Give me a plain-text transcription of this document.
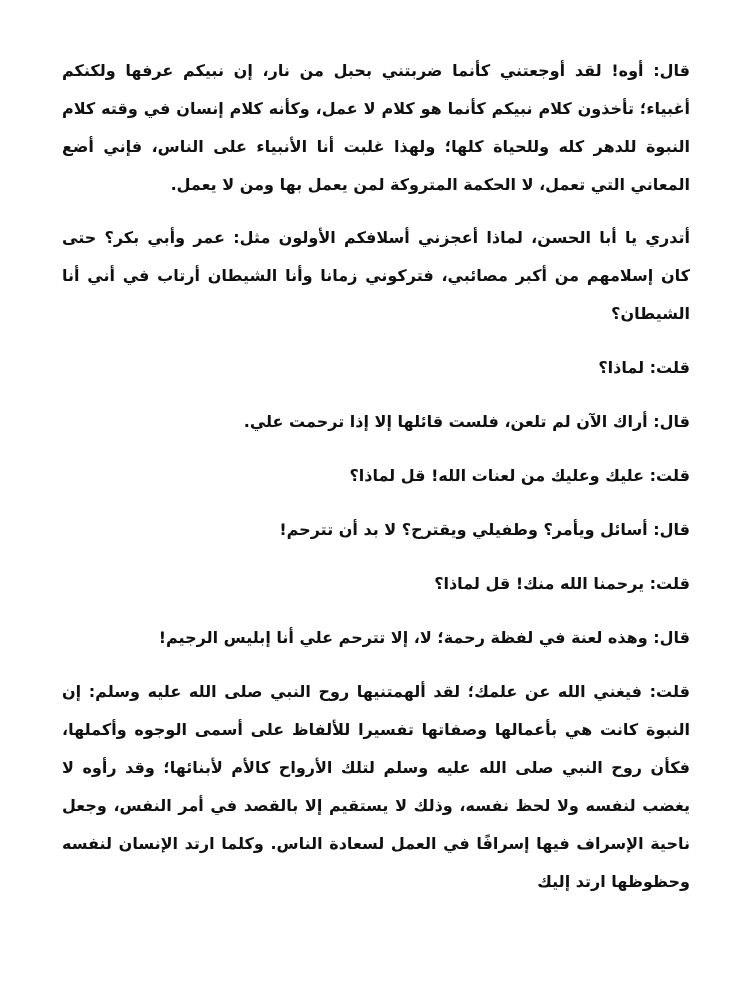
قال: أوه! لقد أوجعتني كأنما ضربتني بحبل من نار، إن نبيكم عرفها ولكنكم أغبياء؛ تأخذون كلام نبيكم كأنما هو كلام لا عمل، وكأنه كلام إنسان في وقته كلام النبوة للدهر كله وللحياة كلها؛ ولهذا غلبت أنا الأنبياء على الناس، فإني أضع المعاني التي تعمل، لا الحكمة المتروكة لمن يعمل بها ومن لا يعمل.

أتدري يا أبا الحسن، لماذا أعجزني أسلافكم الأولون مثل: عمر وأبي بكر؟ حتى كان إسلامهم من أكبر مصائبي، فتركوني زمانا وأنا الشيطان أرتاب في أني أنا الشيطان؟

قلت: لماذا؟

قال: أراك الآن لم تلعن، فلست قائلها إلا إذا ترحمت علي.

قلت: عليك وعليك من لعنات الله! قل لماذا؟

قال: أسائل ويأمر؟ وطفيلي ويقترح؟ لا بد أن تترحم!

قلت: يرحمنا الله منك! قل لماذا؟

قال: وهذه لعنة في لفظة رحمة؛ لا، إلا تترحم علي أنا إبليس الرجيم!

قلت: فيغني الله عن علمك؛ لقد ألهمتنيها روح النبي صلى الله عليه وسلم: إن النبوة كانت هي بأعمالها وصفاتها تفسيرا للألفاظ على أسمى الوجوه وأكملها، فكأن روح النبي صلى الله عليه وسلم لتلك الأرواح كالأم لأبنائها؛ وقد رأوه لا يغضب لنفسه ولا لحظ نفسه، وذلك لا يستقيم إلا بالقصد في أمر النفس، وجعل ناحية الإسراف فيها إسرافًا في العمل لسعادة الناس. وكلما ارتد الإنسان لنفسه وحظوظها ارتد إليك
